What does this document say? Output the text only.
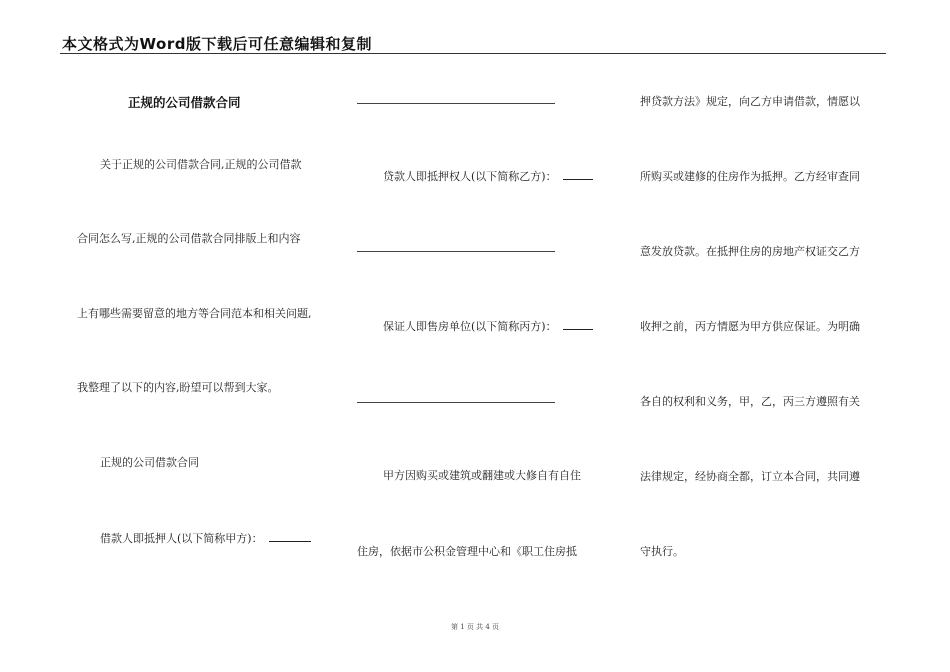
本文格式为Word版下载后可任意编辑和复制
正规的公司借款合同
关于正规的公司借款合同,正规的公司借款
合同怎么写,正规的公司借款合同排版上和内容
上有哪些需要留意的地方等合同范本和相关问题,
我整理了以下的内容,盼望可以帮到大家。
正规的公司借款合同
借款人即抵押人(以下简称甲方)：
贷款人即抵押权人(以下简称乙方)：
保证人即售房单位(以下简称丙方)：
甲方因购买或建筑或翻建或大修自有自住
住房，依据市公积金管理中心和《职工住房抵
押贷款方法》规定，向乙方申请借款，情愿以
所购买或建修的住房作为抵押。乙方经审查同
意发放贷款。在抵押住房的房地产权证交乙方
收押之前，丙方情愿为甲方供应保证。为明确
各自的权利和义务，甲，乙，丙三方遵照有关
法律规定，经协商全都，订立本合同，共同遵
守执行。
第 1 页 共 4 页
